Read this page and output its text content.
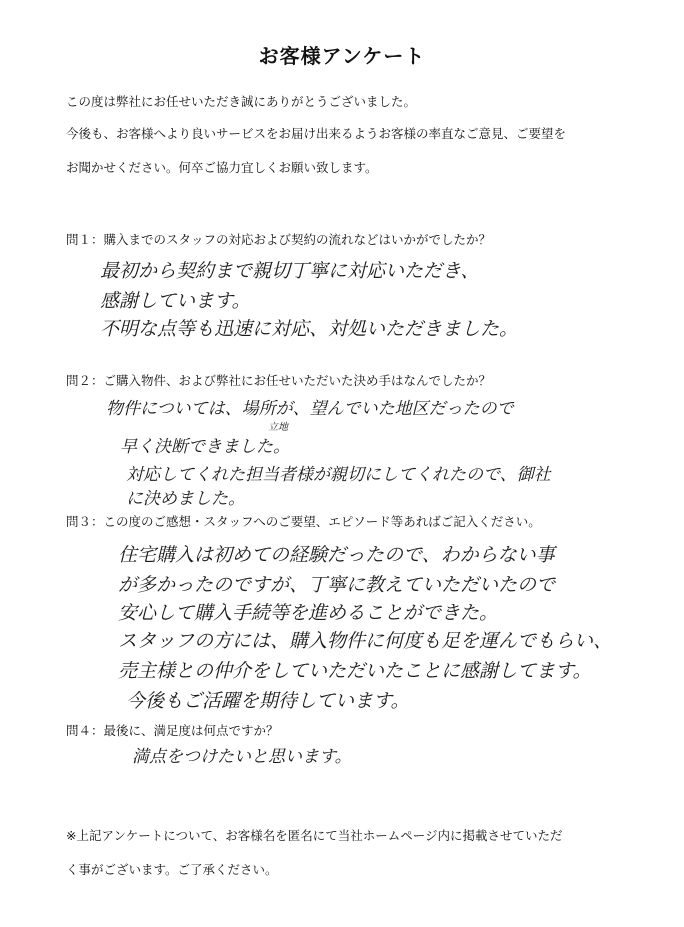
お客様アンケート
この度は弊社にお任せいただき誠にありがとうございました。
今後も、お客様へより良いサービスをお届け出来るようお客様の率直なご意見、ご要望を
お聞かせください。何卒ご協力宜しくお願い致します。
問１：購入までのスタッフの対応および契約の流れなどはいかがでしたか？
最初から契約まで親切丁寧に対応いただき、
感謝しています。
不明な点等も迅速に対応、対処いただきました。
問２：ご購入物件、および弊社にお任せいただいた決め手はなんでしたか？
立地
物件については、場所が、望んでいた地区だったので
早く決断できました。
対応してくれた担当者様が親切にしてくれたので、御社
に決めました。
問３：この度のご感想・スタッフへのご要望、エピソード等あればご記入ください。
住宅購入は初めての経験だったので、わからない事
が多かったのですが、丁寧に教えていただいたので
安心して購入手続等を進めることができた。
スタッフの方には、購入物件に何度も足を運んでもらい、
売主様との仲介をしていただいたことに感謝してます。
今後もご活躍を期待しています。
問４：最後に、満足度は何点ですか？
満点をつけたいと思います。
※上記アンケートについて、お客様名を匿名にて当社ホームページ内に掲載させていただ
く事がございます。ご了承ください。
